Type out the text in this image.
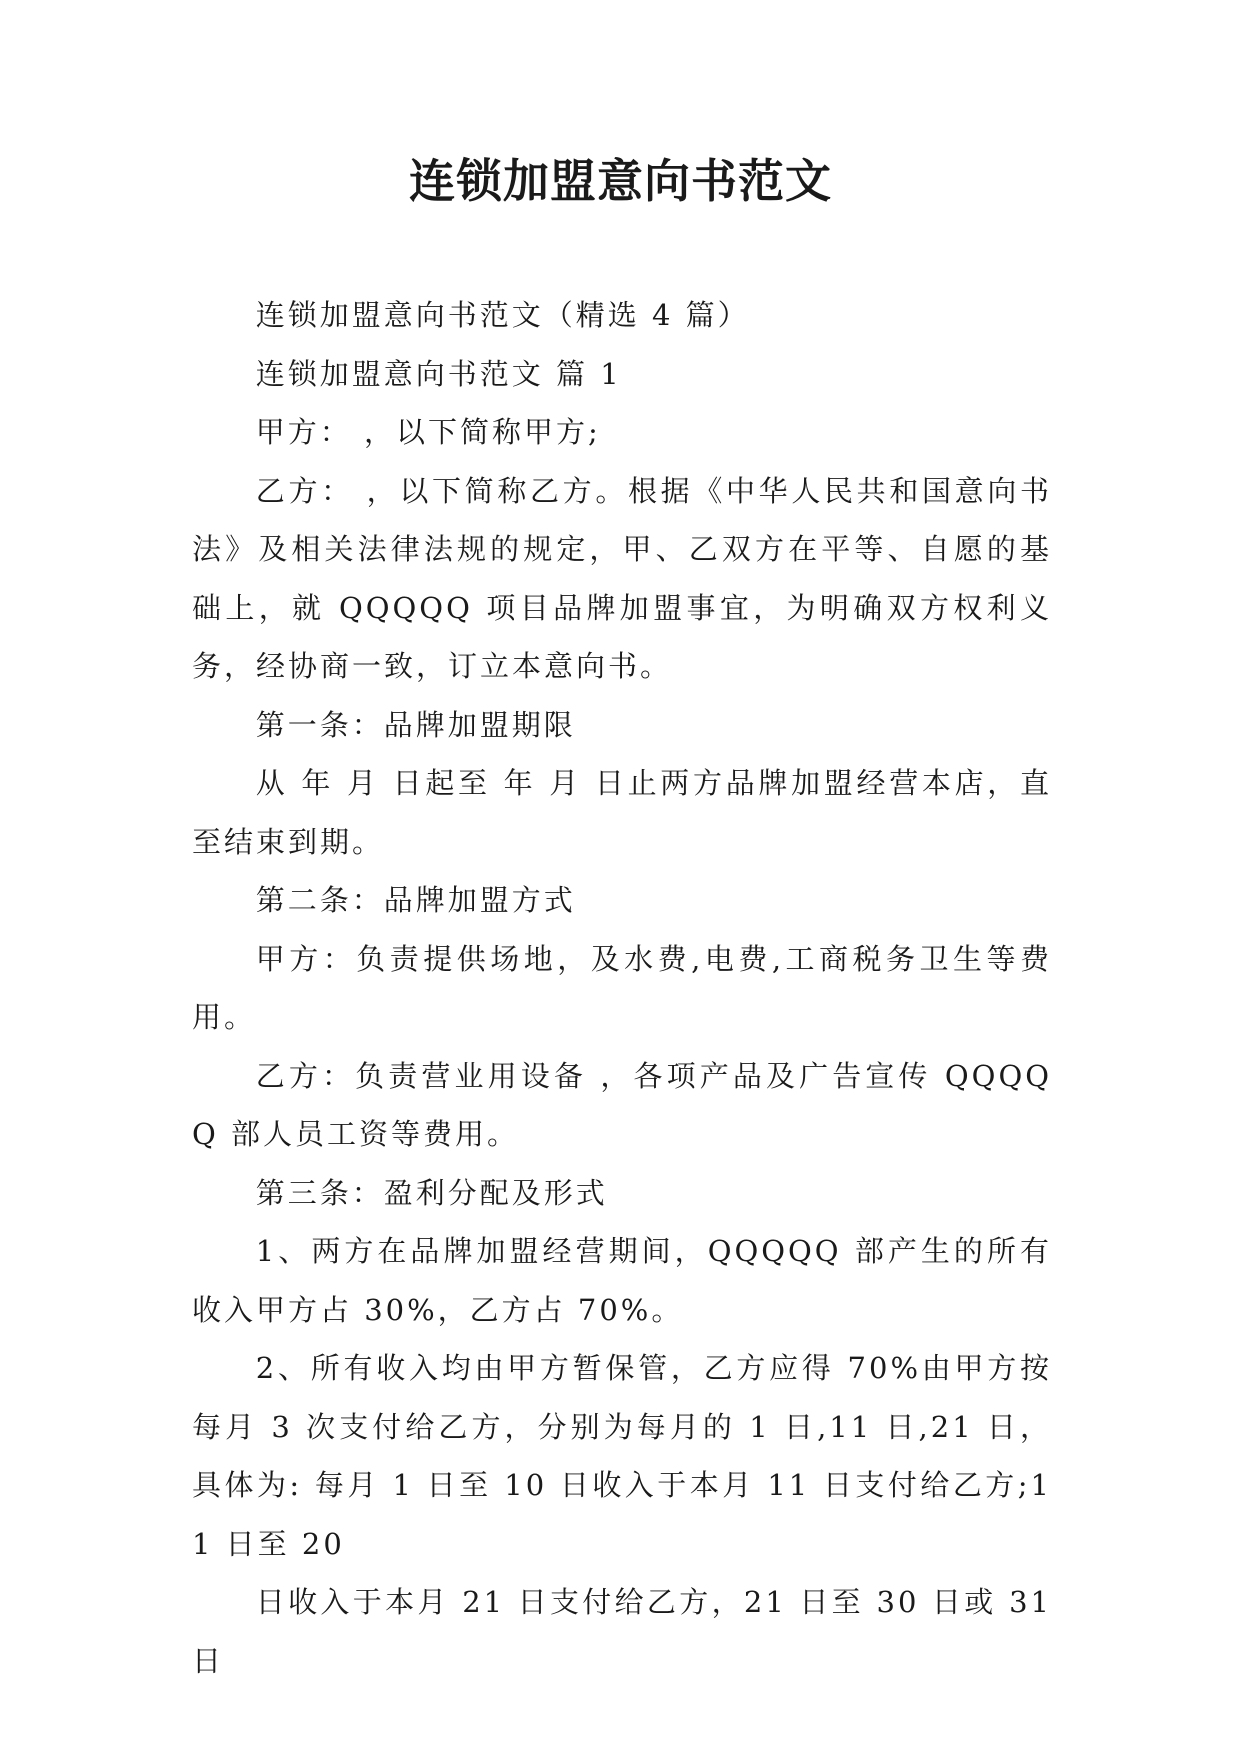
连锁加盟意向书范文

连锁加盟意向书范文（精选 4 篇）

连锁加盟意向书范文 篇 1

甲方： ，以下简称甲方;

乙方： ，以下简称乙方。根据《中华人民共和国意向书法》及相关法律法规的规定，甲、乙双方在平等、自愿的基础上，就 QQQQQ 项目品牌加盟事宜，为明确双方权利义务，经协商一致，订立本意向书。

第一条：品牌加盟期限

从 年 月 日起至 年 月 日止两方品牌加盟经营本店，直至结束到期。

第二条：品牌加盟方式

甲方：负责提供场地，及水费,电费,工商税务卫生等费用。

乙方：负责营业用设备 ，各项产品及广告宣传 QQQQQ 部人员工资等费用。

第三条：盈利分配及形式

1、两方在品牌加盟经营期间，QQQQQ 部产生的所有收入甲方占 30%，乙方占 70%。

2、所有收入均由甲方暂保管，乙方应得 70%由甲方按每月 3 次支付给乙方，分别为每月的 1 日,11 日,21 日，具体为: 每月 1 日至 10 日收入于本月 11 日支付给乙方;11 日至 20

日收入于本月 21 日支付给乙方，21 日至 30 日或 31 日
